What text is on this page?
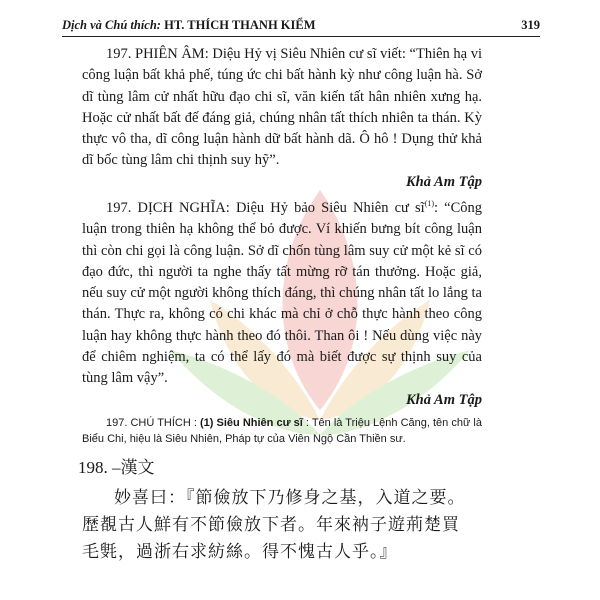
Dịch và Chú thích: HT. THÍCH THANH KIỂM	319

197. PHIÊN ÂM: Diệu Hỷ vị Siêu Nhiên cư sĩ viết: “Thiên hạ vi công luận bất khả phế, túng ức chi bất hành kỳ như công luận hà. Sở dĩ tùng lâm cử nhất hữu đạo chi sĩ, văn kiến tất hân nhiên xưng hạ. Hoặc cử nhất bất đế đáng giả, chúng nhân tất thích nhiên ta thán. Kỳ thực vô tha, dĩ công luận hành dữ bất hành dã. Ô hô ! Dụng thử khả dĩ bốc tùng lâm chi thịnh suy hỹ”.

Khả Am Tập

197. DỊCH NGHĨA: Diệu Hỷ bảo Siêu Nhiên cư $sĩ^{(1)}$: “Công luận trong thiên hạ không thể bỏ được. Ví khiến bưng bít công luận thì còn chi gọi là công luận. Sở dĩ chốn tùng lâm suy cử một kẻ sĩ có đạo đức, thì người ta nghe thấy tất mừng rỡ tán thưởng. Hoặc giả, nếu suy cử một người không thích đáng, thì chúng nhân tất lo lắng ta thán. Thực ra, không có chi khác mà chỉ ở chỗ thực hành theo công luận hay không thực hành theo đó thôi. Than ôi ! Nếu dùng việc này để chiêm nghiệm, ta có thể lấy đó mà biết được sự thịnh suy của tùng lâm vậy”.

Khả Am Tập

197. CHÚ THÍCH : (1) Siêu Nhiên cư sĩ : Tên là Triệu Lệnh Căng, tên chữ là Biểu Chi, hiệu là Siêu Nhiên, Pháp tự của Viên Ngộ Cần Thiền sư.

198. –漢文
妙喜曰：『節儉放下乃修身之基，入道之要。
歷覩古人鮮有不節儉放下者。年來衲子遊荊楚買
毛㲣，過浙右求紡絲。得不愧古人乎。』
